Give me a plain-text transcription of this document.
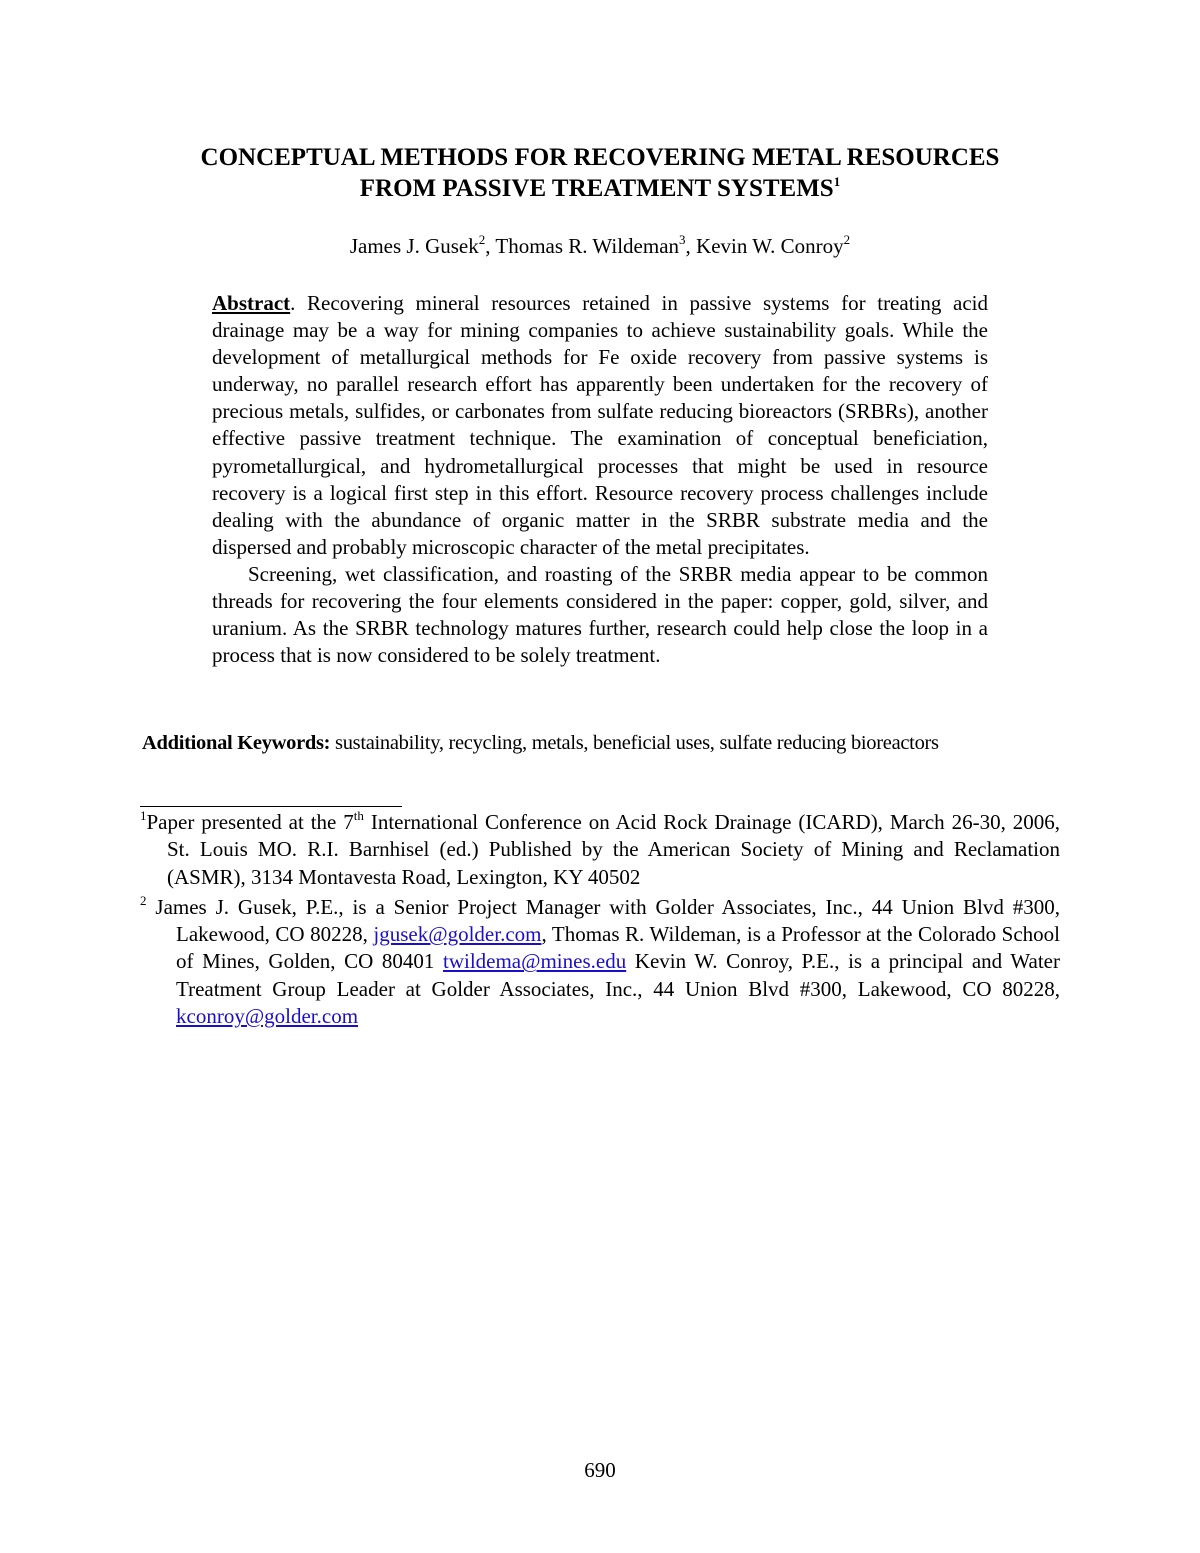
CONCEPTUAL METHODS FOR RECOVERING METAL RESOURCES
FROM PASSIVE TREATMENT SYSTEMS$^1$

James J. Gusek$^2$, Thomas R. Wildeman$^3$, Kevin W. Conroy$^2$

Abstract. Recovering mineral resources retained in passive systems for treating acid drainage may be a way for mining companies to achieve sustainability goals. While the development of metallurgical methods for Fe oxide recovery from passive systems is underway, no parallel research effort has apparently been undertaken for the recovery of precious metals, sulfides, or carbonates from sulfate reducing bioreactors (SRBRs), another effective passive treatment technique. The examination of conceptual beneficiation, pyrometallurgical, and hydrometallurgical processes that might be used in resource recovery is a logical first step in this effort. Resource recovery process challenges include dealing with the abundance of organic matter in the SRBR substrate media and the dispersed and probably microscopic character of the metal precipitates.

Screening, wet classification, and roasting of the SRBR media appear to be common threads for recovering the four elements considered in the paper: copper, gold, silver, and uranium. As the SRBR technology matures further, research could help close the loop in a process that is now considered to be solely treatment.

Additional Keywords: sustainability, recycling, metals, beneficial uses, sulfate reducing bioreactors

$^1$Paper presented at the 7th International Conference on Acid Rock Drainage (ICARD), March 26-30, 2006, St. Louis MO. R.I. Barnhisel (ed.) Published by the American Society of Mining and Reclamation (ASMR), 3134 Montavesta Road, Lexington, KY 40502

$^2$ James J. Gusek, P.E., is a Senior Project Manager with Golder Associates, Inc., 44 Union Blvd #300, Lakewood, CO 80228, jgusek@golder.com, Thomas R. Wildeman, is a Professor at the Colorado School of Mines, Golden, CO 80401 twildema@mines.edu Kevin W. Conroy, P.E., is a principal and Water Treatment Group Leader at Golder Associates, Inc., 44 Union Blvd #300, Lakewood, CO 80228, kconroy@golder.com

690
